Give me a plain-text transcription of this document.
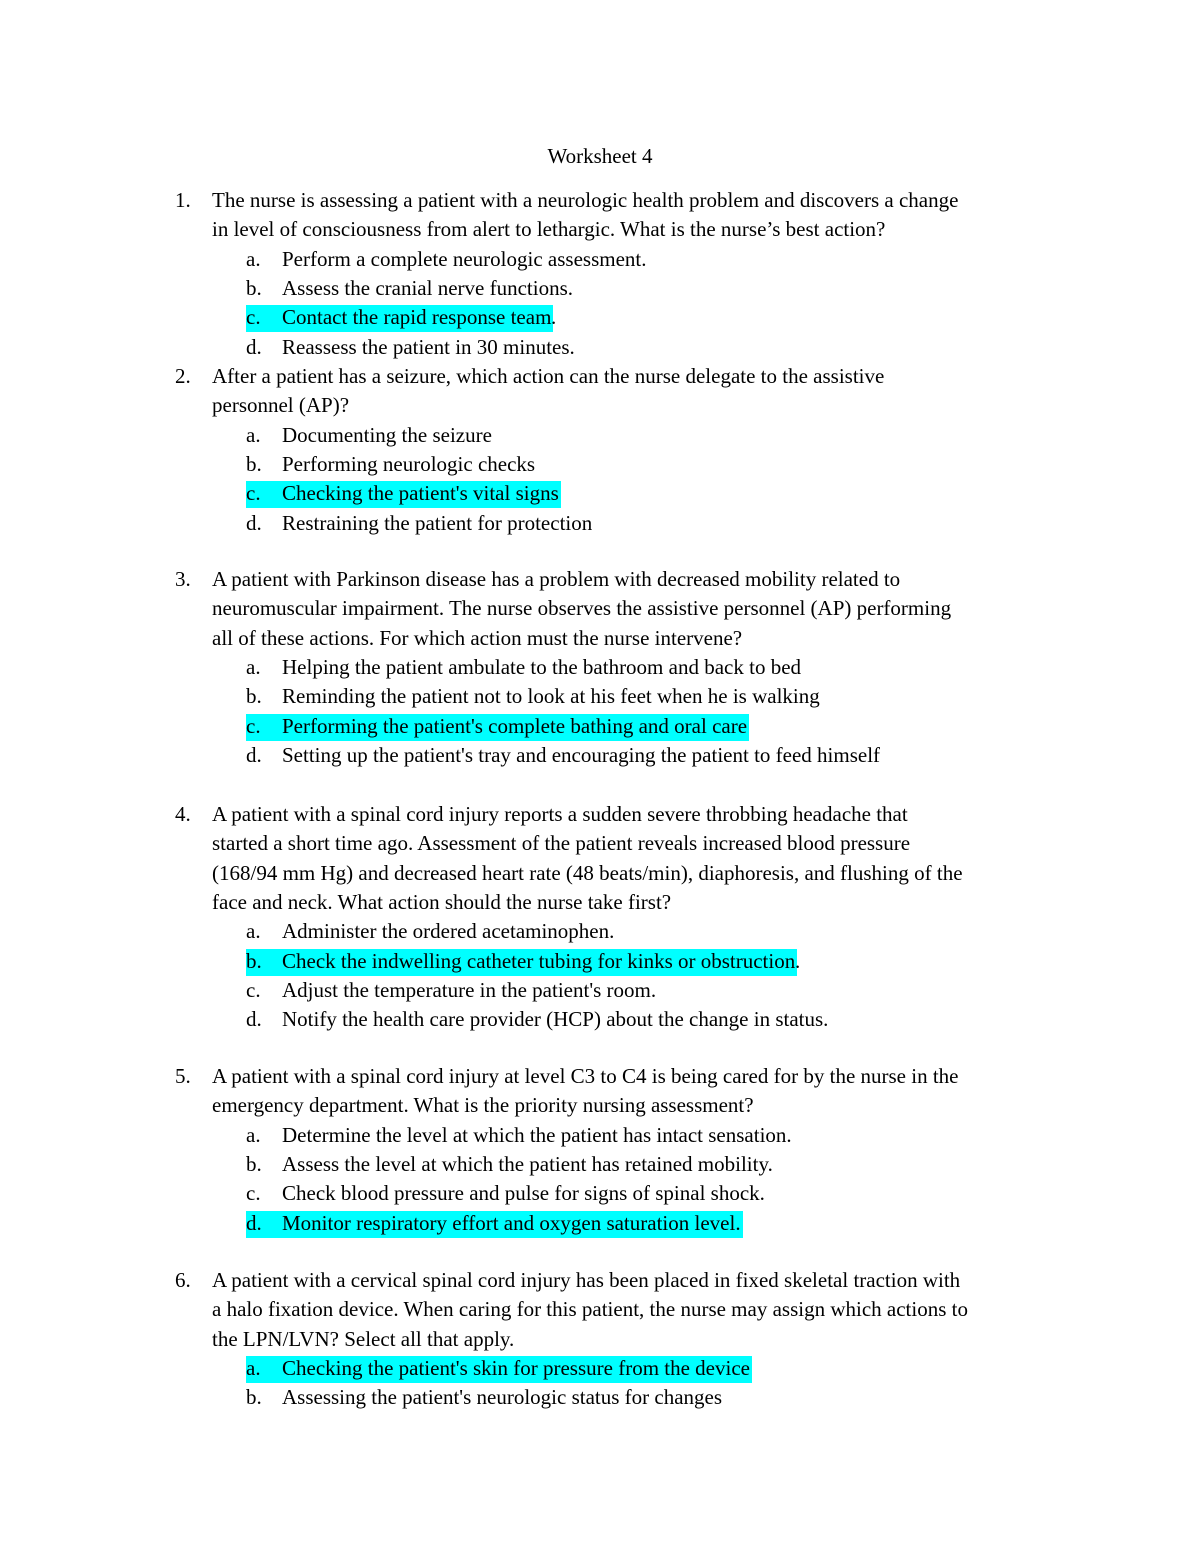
Worksheet 4
1. The nurse is assessing a patient with a neurologic health problem and discovers a change
in level of consciousness from alert to lethargic. What is the nurse’s best action?
Perform a complete neurologic assessment.
a.
Assess the cranial nerve functions.
b.
Contact the rapid response team
c.	.
Reassess the patient in 30 minutes.
d.
2. After a patient has a seizure, which action can the nurse delegate to the assistive
personnel (AP)?
Documenting the seizure
a.
Performing neurologic checks
b.
Checking the patient's vital signs
c.
Restraining the patient for protection
d.
3. A patient with Parkinson disease has a problem with decreased mobility related to
neuromuscular impairment. The nurse observes the assistive personnel (AP) performing
all of these actions. For which action must the nurse intervene?
Helping the patient ambulate to the bathroom and back to bed
a.
Reminding the patient not to look at his feet when he is walking
b.
Performing the patient's complete bathing and oral care
c.
Setting up the patient's tray and encouraging the patient to feed himself
d.
4. A patient with a spinal cord injury reports a sudden severe throbbing headache that
started a short time ago. Assessment of the patient reveals increased blood pressure
(168/94 mm Hg) and decreased heart rate (48 beats/min), diaphoresis, and flushing of the
face and neck. What action should the nurse take first?
Administer the ordered acetaminophen.
a.
Check the indwelling catheter tubing for kinks or obstruction
b.	.
Adjust the temperature in the patient's room.
c.
Notify the health care provider (HCP) about the change in status.
d.
5. A patient with a spinal cord injury at level C3 to C4 is being cared for by the nurse in the
emergency department. What is the priority nursing assessment?
Determine the level at which the patient has intact sensation.
a.
Assess the level at which the patient has retained mobility.
b.
Check blood pressure and pulse for signs of spinal shock.
c.
Monitor respiratory effort and oxygen saturation level.
d.
6. A patient with a cervical spinal cord injury has been placed in fixed skeletal traction with
a halo fixation device. When caring for this patient, the nurse may assign which actions to
the LPN/LVN? Select all that apply.
Checking the patient's skin for pressure from the device
a.
Assessing the patient's neurologic status for changes
b.
